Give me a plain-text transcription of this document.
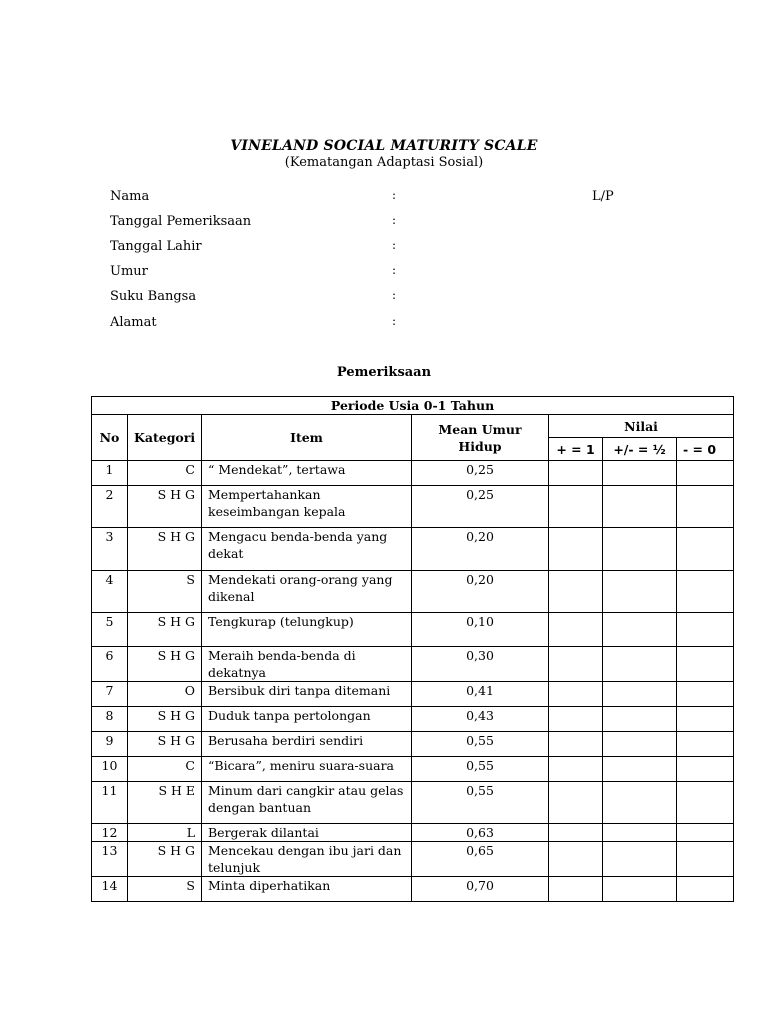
VINELAND SOCIAL MATURITY SCALE
(Kematangan Adaptasi Sosial)
Nama	:
Tanggal Pemeriksaan	:
Tanggal Lahir	:
Umur	:
Suku Bangsa	:
Alamat	:
L/P
Pemeriksaan
Periode Usia 0-1 Tahun						
No	Kategori	Item	Mean Umur Hidup	Nilai		
				+ = 1	+/- = ½	- = 0
1	C	“ Mendekat”, tertawa	0,25			
2	S H G	Mempertahankan keseimbangan kepala	0,25			
3	S H G	Mengacu benda-benda yang dekat	0,20			
4	S	Mendekati orang-orang yang dikenal	0,20			
5	S H G	Tengkurap (telungkup)	0,10			
6	S H G	Meraih benda-benda di dekatnya	0,30			
7	O	Bersibuk diri tanpa ditemani	0,41			
8	S H G	Duduk tanpa pertolongan	0,43			
9	S H G	Berusaha berdiri sendiri	0,55			
10	C	“Bicara”, meniru suara-suara	0,55			
11	S H E	Minum dari cangkir atau gelas dengan bantuan	0,55			
12	L	Bergerak dilantai	0,63			
13	S H G	Mencekau dengan ibu jari dan telunjuk	0,65			
14	S	Minta diperhatikan	0,70			
